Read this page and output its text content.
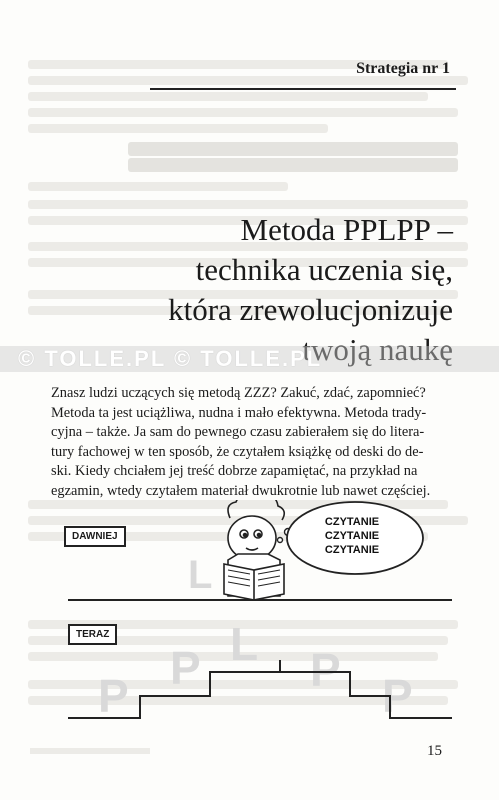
Strategia nr 1
Metoda PPLPP –
technika uczenia się,
która zrewolucjonizuje
twoją naukę
© TOLLE.PL © TOLLE.PL
Znasz ludzi uczących się metodą ZZZ? Zakuć, zdać, zapomnieć?
Metoda ta jest uciążliwa, nudna i mało efektywna. Metoda trady-
cyjna – także. Ja sam do pewnego czasu zabierałem się do litera-
tury fachowej w ten sposób, że czytałem książkę od deski do de-
ski. Kiedy chciałem jej treść dobrze zapamiętać, na przykład na
egzamin, wtedy czytałem materiał dwukrotnie lub nawet częściej.
L
P
P L P P
CZYTANIE
CZYTANIE
CZYTANIE
DAWNIEJ
TERAZ
15
